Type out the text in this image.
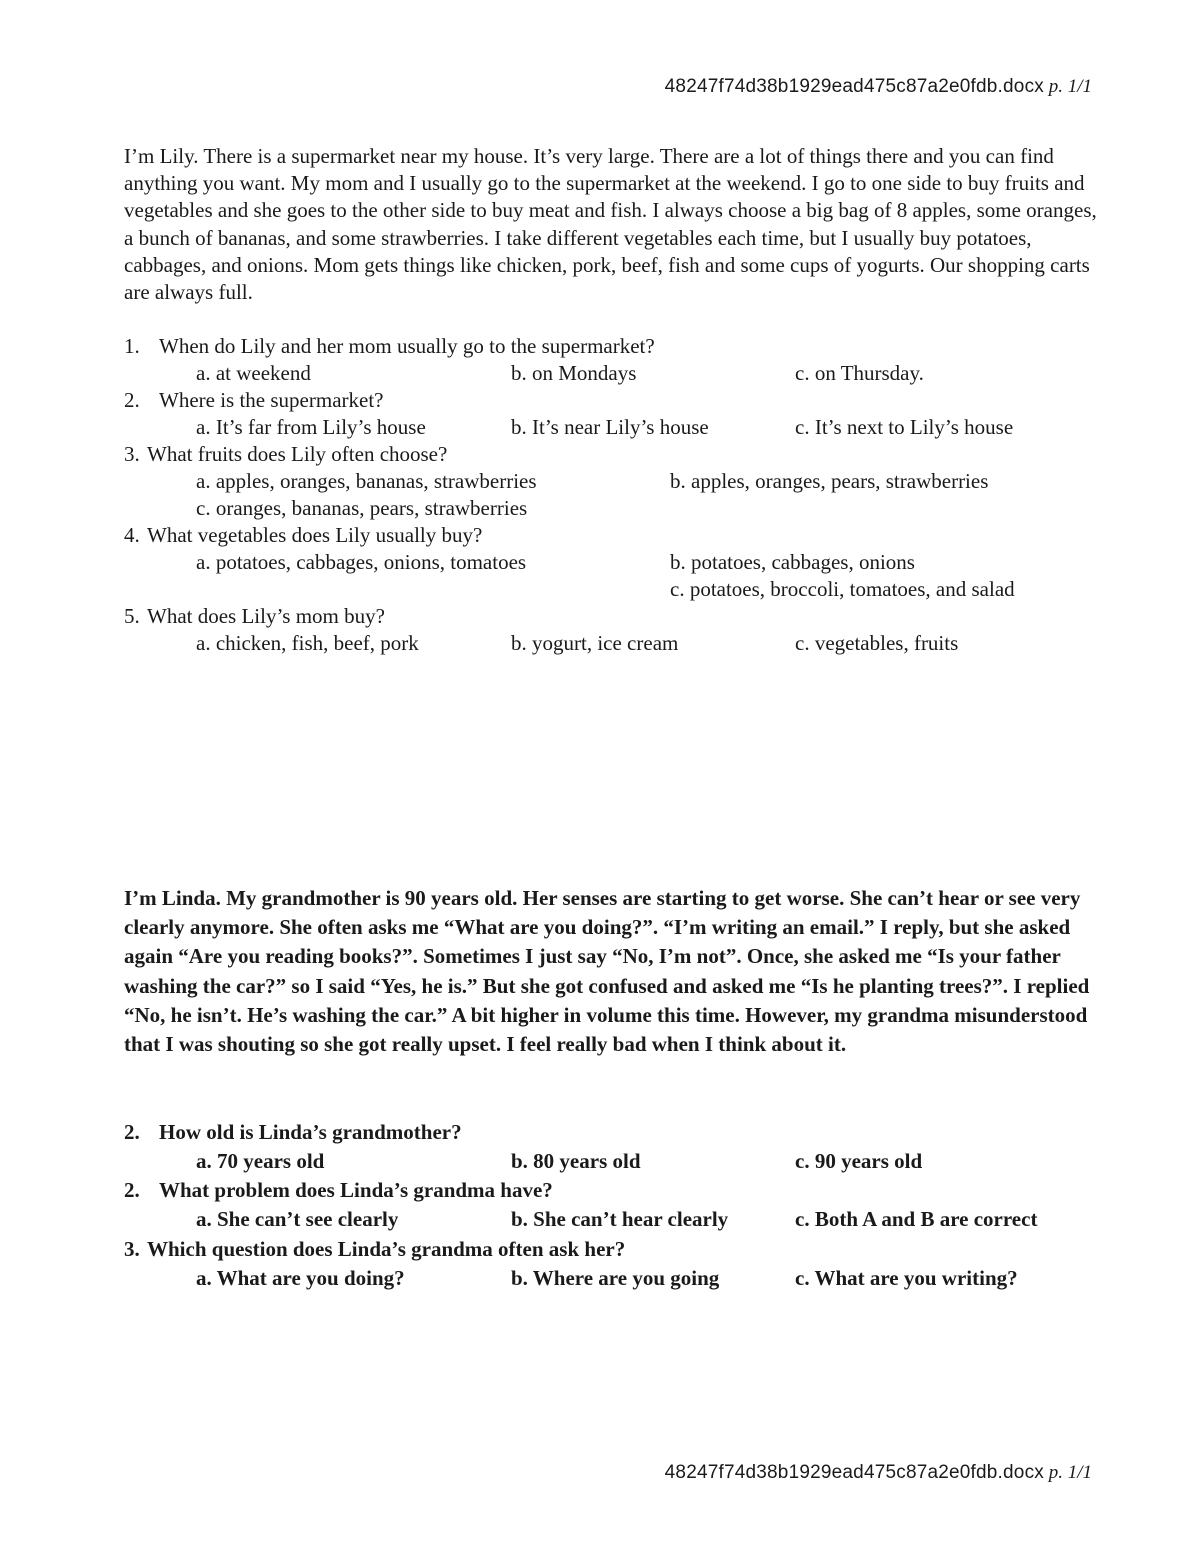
48247f74d38b1929ead475c87a2e0fdb.docx p. 1/1
I’m Lily. There is a supermarket near my house. It’s very large. There are a lot of things there and you can find anything you want. My mom and I usually go to the supermarket at the weekend. I go to one side to buy fruits and vegetables and she goes to the other side to buy meat and fish. I always choose a big bag of 8 apples, some oranges, a bunch of bananas, and some strawberries. I take different vegetables each time, but I usually buy potatoes, cabbages, and onions. Mom gets things like chicken, pork, beef, fish and some cups of yogurts. Our shopping carts are always full.
1. When do Lily and her mom usually go to the supermarket?
a. at weekend	b. on Mondays	c. on Thursday.
2. Where is the supermarket?
a. It’s far from Lily’s house	b. It’s near Lily’s house	c. It’s next to Lily’s house
3. What fruits does Lily often choose?
a. apples, oranges, bananas, strawberries	b. apples, oranges, pears, strawberries
c. oranges, bananas, pears, strawberries
4. What vegetables does Lily usually buy?
a. potatoes, cabbages, onions, tomatoes	b. potatoes, cabbages, onions
c. potatoes, broccoli, tomatoes, and salad
5. What does Lily’s mom buy?
a. chicken, fish, beef, pork	b. yogurt, ice cream	c. vegetables, fruits
I’m Linda. My grandmother is 90 years old. Her senses are starting to get worse. She can’t hear or see very clearly anymore. She often asks me “What are you doing?”. “I’m writing an email.” I reply, but she asked again “Are you reading books?”. Sometimes I just say “No, I’m not”. Once, she asked me “Is your father washing the car?” so I said “Yes, he is.” But she got confused and asked me “Is he planting trees?”. I replied “No, he isn’t. He’s washing the car.” A bit higher in volume this time. However, my grandma misunderstood that I was shouting so she got really upset. I feel really bad when I think about it.
2. How old is Linda’s grandmother?
a. 70 years old	b. 80 years old	c. 90 years old
2. What problem does Linda’s grandma have?
a. She can’t see clearly	b. She can’t hear clearly	c. Both A and B are correct
3. Which question does Linda’s grandma often ask her?
a. What are you doing?	b. Where are you going	c. What are you writing?
48247f74d38b1929ead475c87a2e0fdb.docx p. 1/1
